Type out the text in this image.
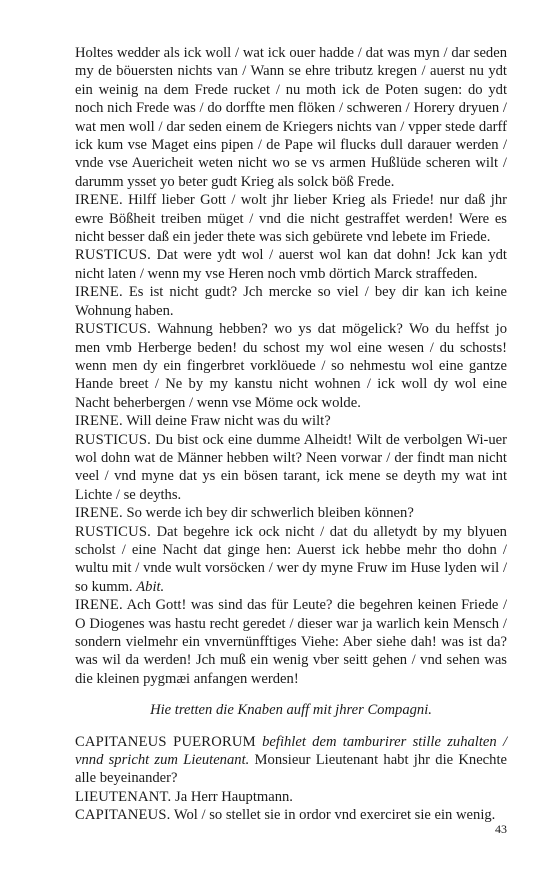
Holtes wedder als ick woll / wat ick ouer hadde / dat was myn / dar seden my de böuersten nichts van / Wann se ehre tributz kregen / auerst nu ydt ein weinig na dem Frede rucket / nu moth ick de Poten sugen: do ydt noch nich Frede was / do dorffte men flöken / schweren / Horery dryuen / wat men woll / dar seden einem de Kriegers nichts van / vpper stede darff ick kum vse Maget eins pipen / de Pape wil flucks dull darauer werden / vnde vse Auericheit weten nicht wo se vs armen Hußlüde scheren wilt / darumm ysset yo beter gudt Krieg als solck böß Frede.

IRENE. Hilff lieber Gott / wolt jhr lieber Krieg als Friede! nur daß jhr ewre Bößheit treiben müget / vnd die nicht gestraffet werden! Were es nicht besser daß ein jeder thete was sich gebürete vnd lebete im Friede.

RUSTICUS. Dat were ydt wol / auerst wol kan dat dohn! Jck kan ydt nicht laten / wenn my vse Heren noch vmb dörtich Marck straffeden.

IRENE. Es ist nicht gudt? Jch mercke so viel / bey dir kan ich keine Wohnung haben.

RUSTICUS. Wahnung hebben? wo ys dat mögelick? Wo du heffst jo men vmb Herberge beden! du schost my wol eine wesen / du schosts! wenn men dy ein fingerbret vorklöuede / so nehmestu wol eine gantze Hande breet / Ne by my kanstu nicht wohnen / ick woll dy wol eine Nacht beherbergen / wenn vse Möme ock wolde.

IRENE. Will deine Fraw nicht was du wilt?

RUSTICUS. Du bist ock eine dumme Alheidt! Wilt de verbolgen Wi-uer wol dohn wat de Männer hebben wilt? Neen vorwar / der findt man nicht veel / vnd myne dat ys ein bösen tarant, ick mene se deyth my wat int Lichte / se deyths.

IRENE. So werde ich bey dir schwerlich bleiben können?

RUSTICUS. Dat begehre ick ock nicht / dat du alletydt by my blyuen scholst / eine Nacht dat ginge hen: Auerst ick hebbe mehr tho dohn / wultu mit / vnde wult vorsöcken / wer dy myne Fruw im Huse lyden wil / so kumm. Abit.

IRENE. Ach Gott! was sind das für Leute? die begehren keinen Friede / O Diogenes was hastu recht geredet / dieser war ja warlich kein Mensch / sondern vielmehr ein vnvernünfftiges Viehe: Aber siehe dah! was ist da? was wil da werden! Jch muß ein wenig vber seitt gehen / vnd sehen was die kleinen pygmæi anfangen werden!

Hie tretten die Knaben auff mit jhrer Compagni.

CAPITANEUS PUERORUM befihlet dem tamburirer stille zuhalten / vnnd spricht zum Lieutenant. Monsieur Lieutenant habt jhr die Knechte alle beyeinander?

LIEUTENANT. Ja Herr Hauptmann.

CAPITANEUS. Wol / so stellet sie in ordor vnd exerciret sie ein wenig.

43
